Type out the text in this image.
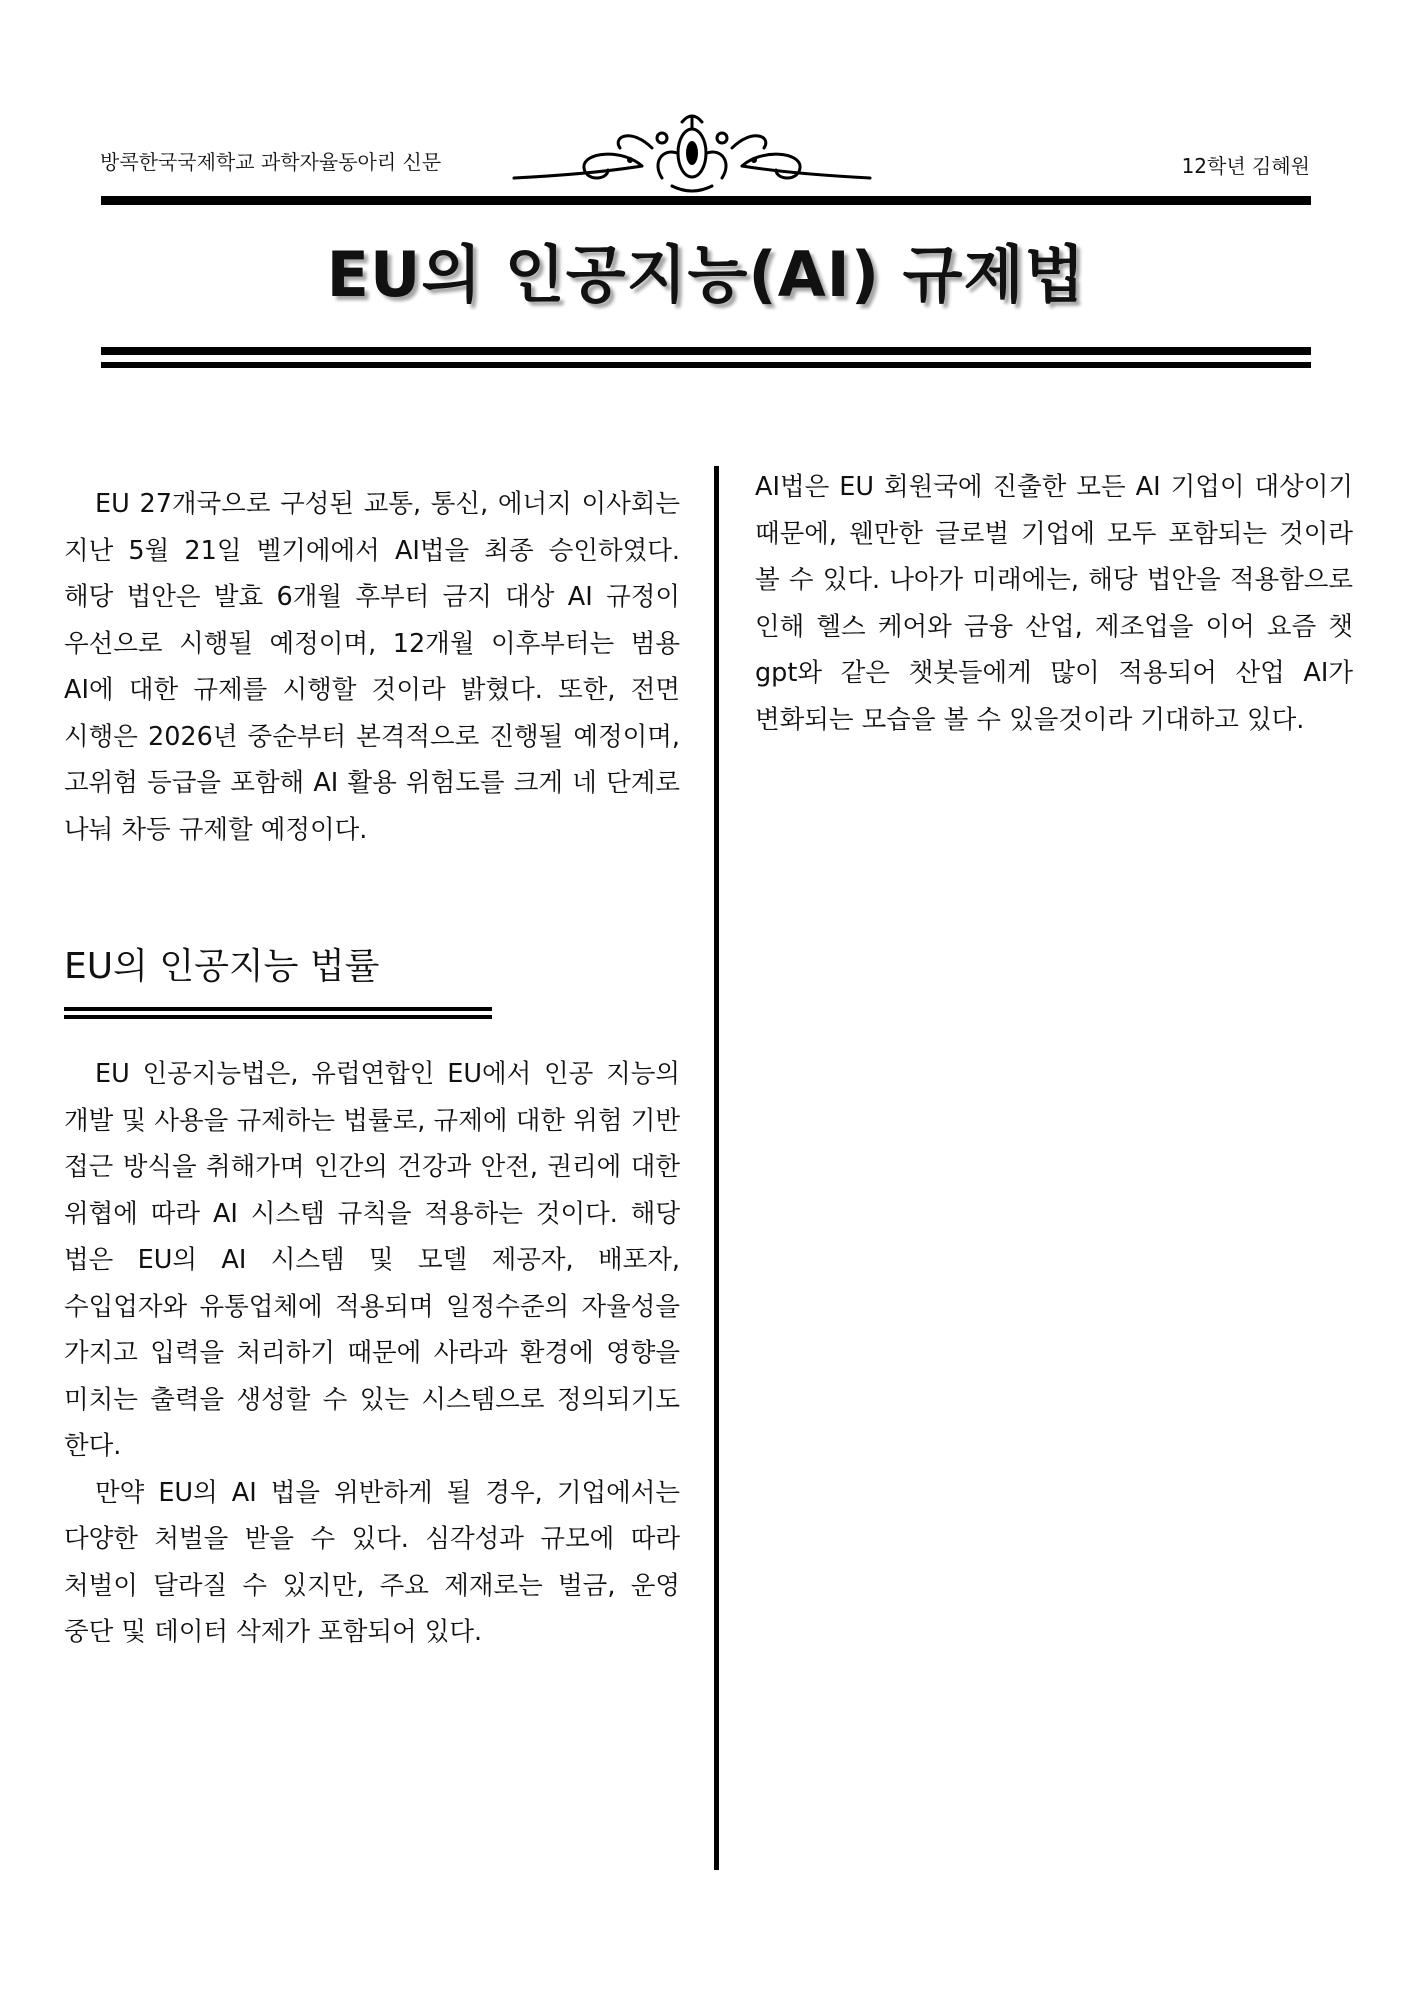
방콕한국국제학교 과학자율동아리 신문	12학년 김혜원
EU의 인공지능(AI) 규제법

EU 27개국으로 구성된 교통, 통신, 에너지 이사회는 지난 5월 21일 벨기에에서 AI법을 최종 승인하였다. 해당 법안은 발효 6개월 후부터 금지 대상 AI 규정이 우선으로 시행될 예정이며, 12개월 이후부터는 범용 AI에 대한 규제를 시행할 것이라 밝혔다. 또한, 전면 시행은 2026년 중순부터 본격적으로 진행될 예정이며, 고위험 등급을 포함해 AI 활용 위험도를 크게 네 단계로 나눠 차등 규제할 예정이다.

EU의 인공지능 법률

EU 인공지능법은, 유럽연합인 EU에서 인공 지능의 개발 및 사용을 규제하는 법률로, 규제에 대한 위험 기반 접근 방식을 취해가며 인간의 건강과 안전, 권리에 대한 위협에 따라 AI 시스템 규칙을 적용하는 것이다. 해당 법은 EU의 AI 시스템 및 모델 제공자, 배포자, 수입업자와 유통업체에 적용되며 일정수준의 자율성을 가지고 입력을 처리하기 때문에 사라과 환경에 영향을 미치는 출력을 생성할 수 있는 시스템으로 정의되기도 한다.

만약 EU의 AI 법을 위반하게 될 경우, 기업에서는 다양한 처벌을 받을 수 있다. 심각성과 규모에 따라 처벌이 달라질 수 있지만, 주요 제재로는 벌금, 운영 중단 및 데이터 삭제가 포함되어 있다.

AI법은 EU 회원국에 진출한 모든 AI 기업이 대상이기 때문에, 웬만한 글로벌 기업에 모두 포함되는 것이라 볼 수 있다. 나아가 미래에는, 해당 법안을 적용함으로 인해 헬스 케어와 금융 산업, 제조업을 이어 요즘 챗 gpt와 같은 챗봇들에게 많이 적용되어 산업 AI가 변화되는 모습을 볼 수 있을것이라 기대하고 있다.
